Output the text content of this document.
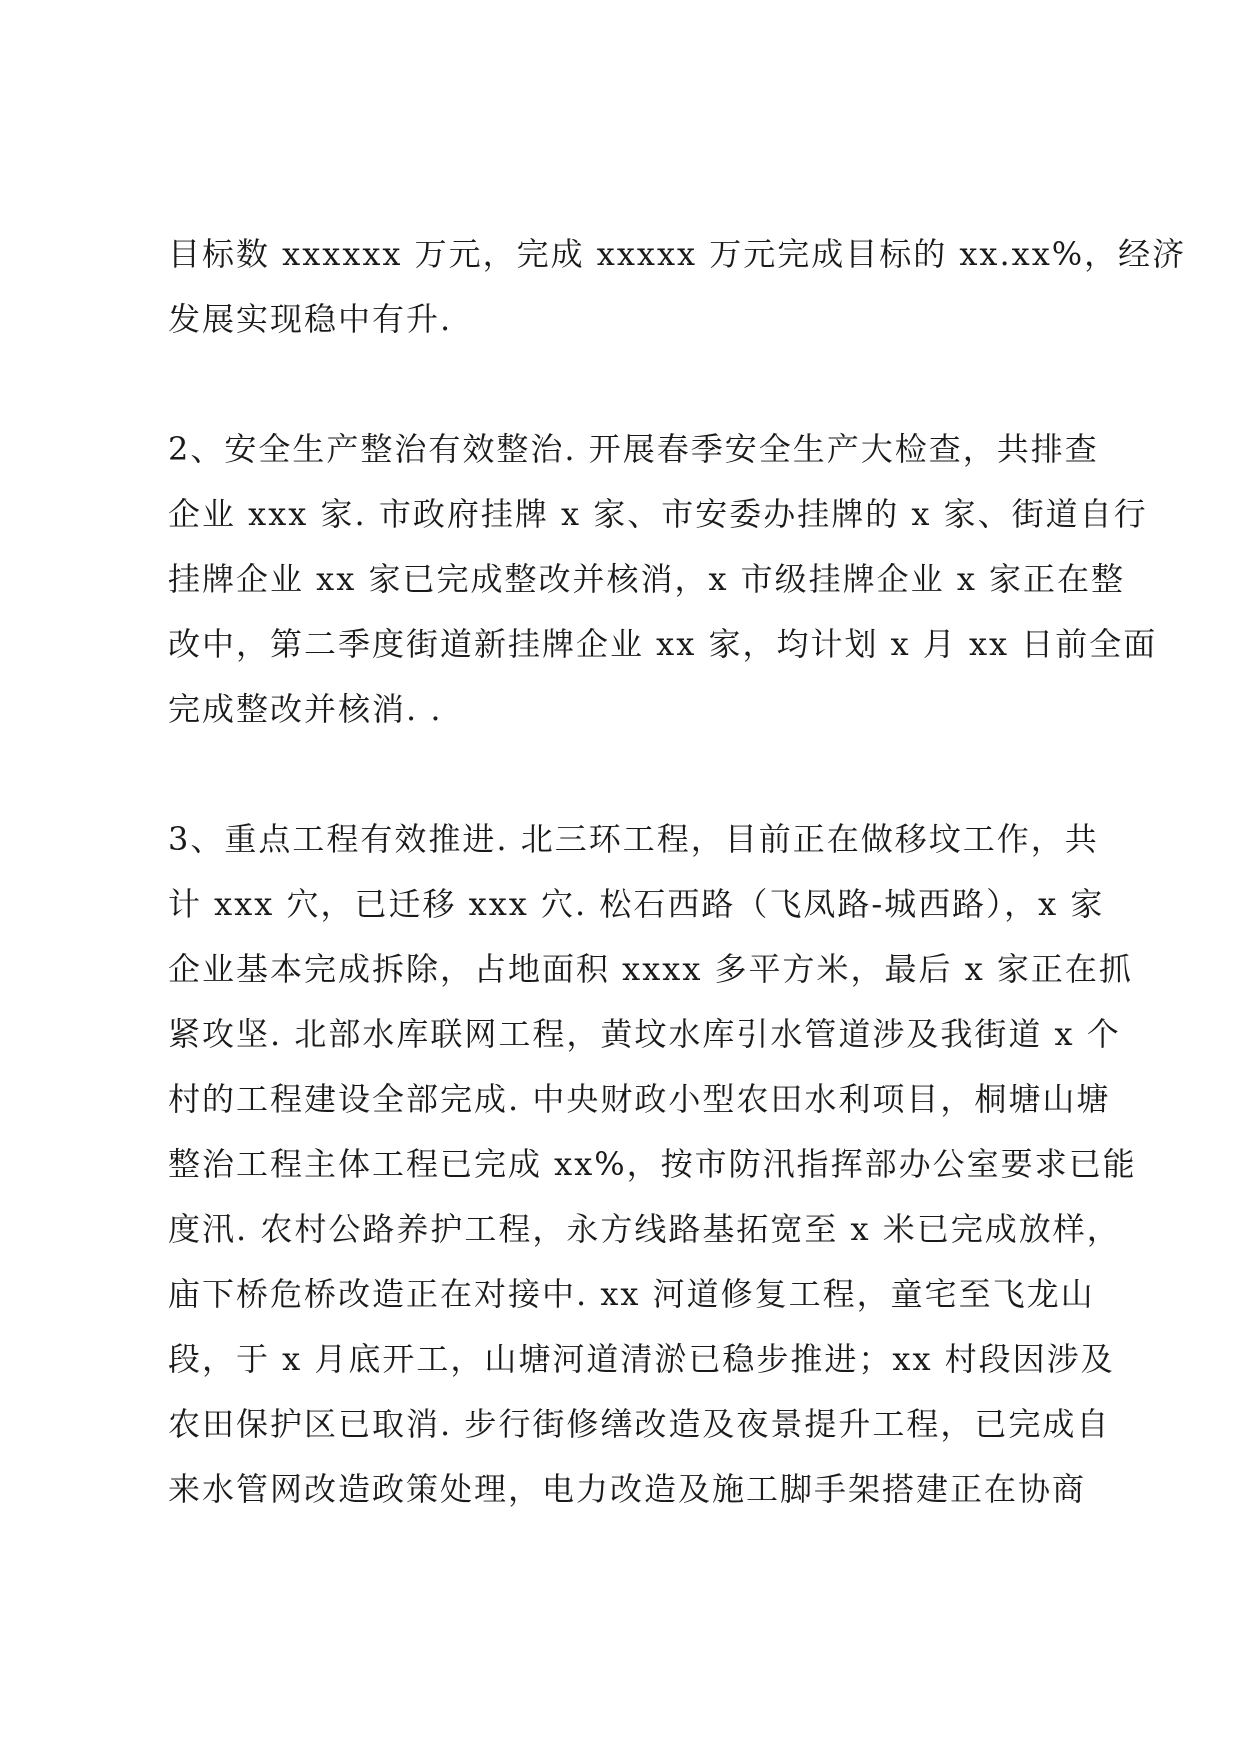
目标数 xxxxxx 万元，完成 xxxxx 万元完成目标的 xx.xx%，经济
发展实现稳中有升.
2、安全生产整治有效整治. 开展春季安全生产大检查，共排查
企业 xxx 家. 市政府挂牌 x 家、市安委办挂牌的 x 家、街道自行
挂牌企业 xx 家已完成整改并核消，x 市级挂牌企业 x 家正在整
改中，第二季度街道新挂牌企业 xx 家，均计划 x 月 xx 日前全面
完成整改并核消. .
3、重点工程有效推进. 北三环工程，目前正在做移坟工作，共
计 xxx 穴，已迁移 xxx 穴. 松石西路（飞凤路-城西路），x 家
企业基本完成拆除，占地面积 xxxx 多平方米，最后 x 家正在抓
紧攻坚. 北部水库联网工程，黄坟水库引水管道涉及我街道 x 个
村的工程建设全部完成. 中央财政小型农田水利项目，桐塘山塘
整治工程主体工程已完成 xx%，按市防汛指挥部办公室要求已能
度汛. 农村公路养护工程，永方线路基拓宽至 x 米已完成放样，
庙下桥危桥改造正在对接中. xx 河道修复工程，童宅至飞龙山
段，于 x 月底开工，山塘河道清淤已稳步推进；xx 村段因涉及
农田保护区已取消. 步行街修缮改造及夜景提升工程，已完成自
来水管网改造政策处理，电力改造及施工脚手架搭建正在协商
